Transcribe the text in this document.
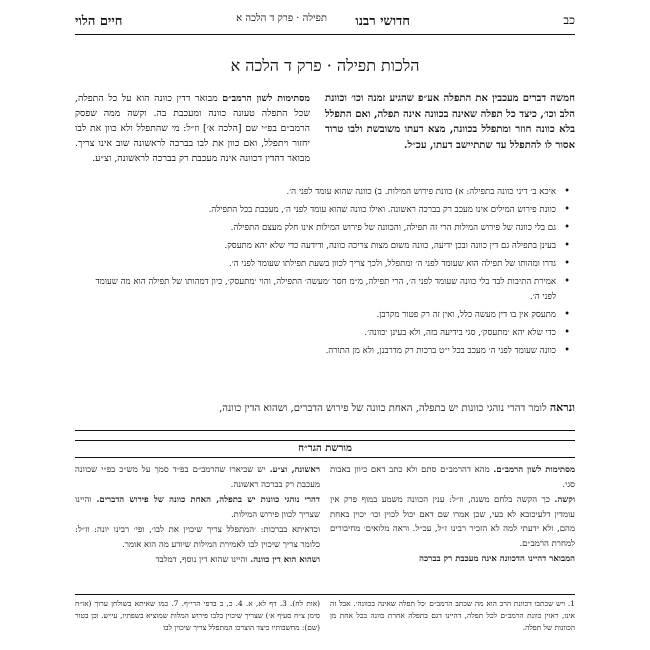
כב
חדושי רבנו
תפילה · פרק ד הלכה א
חיים הלוי
הלכות תפילה · פרק ד הלכה א
חמשה דברים מעכבין את התפלה אע״פ שהגיע זמנה וכו׳ וכוונת הלב וכו׳, כיצד כל תפלה שאינה בכוונה אינה תפלה, ואם התפלל בלא כוונה חוזר ומתפלל בכוונה, מצא דעתו משובשת ולבו טרוד אסור לו להתפלל עד שתתיישב דעתו, עכ״ל.
מסתימות לשון הרמב״ם מבואר דדין כוונה הוא על כל התפלה, שכל התפלה טעונה כוונה ומעכבת בה. וקשה ממה שפסק הרמב״ם בפ״י שם [הלכה א׳] וז״ל: מי שהתפלל ולא כוון את לבו יחזור ויתפלל, ואם כוון את לבו בברכה לראשונה שוב אינו צריך. מבואר דהדין דכוונה אינה מעכבת רק בברכה לראשונה, וצ״ע.
• איכא ב׳ דיני כוונה בתפילה: א) כוונת פירוש המילות. ב) כוונה שהוא עומד לפני ה׳.
• כוונת פירוש המילים אינו מעכב רק בברכה ראשונה. ואילו כוונה שהוא עומד לפני ה׳, מעכבת בכל התפילה.
• גם בלי כוונה של פירוש המילות הרי זה תפילה, והכוונה של פירוש המילות אינו חלק מעצם התפילה.
• בעינן בתפילה גם דין כוונה ובכן ידיעה, כוונה משום מצות צריכה כוונה, ודידעה כדי שלא יהא מתעסק.
• גדרו ומהותו של תפילה הוא שעומד לפני ה׳ ומתפלל, ולכך צריך לכוון בשעת תפילתו שעומד לפני ה׳.
• אמירת התיבות לבד בלי כוונה שעומד לפני ה׳, הרי תפילה, מ״מ חסר ׳מעשה׳ התפילה, והוי ׳מתעסק׳, כיון דמהותו של תפילה הוא מה שעומד לפני ה׳.
• מתעסק אין בו דין מעשה כלל, ואין זה רק פטור מקרבן.
• כדי שלא יהא ׳מתעסק׳, סגי בידיעה בזה, ולא בעינן ׳כוונה׳.
• כוונה שעומד לפני ה׳ מעכב בכל י״ט ברכות רק מדרבנן, ולא מן התורה.
ונראה לומר דהרי נוהגי כוונות יש בתפלה, האחת כוונה של פירוש הדברים, ושהוא הדין כוונה,
מורשת הגר״ח

מסתימות לשון הרמב״ם. מהא דהרמב״ם סתם ולא כתב דאם כיוון באבות סגי.

וקשה. כך הקשה בלחם משנה, וז״ל: ענין הכוונה משמע במוף פרק אין עומדין דלעיכובא לא בעי, שכן אמרו שם דאם יכול לכוין וכו׳ יכוין באחת מהם, ולא ידעתי למה לא הזכיר רבינו ז״ל, עכ״ל. וראה מלואים׳ מחיבורים למחרת הרמב״ם.

המבואר דהיינו הדכוונה אינה מעכבת רק בברכה

ראשונה, וצ״ע. יש שביארו שהרמב״ם בפ״ד סמך על מש״כ בפ״י שכוונה מעכבת רק בברכה ראשונה.

דהרי נוהגי כוונות יש בתפלה, האחת כוונה של פירוש הדברים. והיינו שצריך לכוון פירוש המילות.

וכדאיתא בברכות: ׳המתפלל צריך שיכוין את לבו׳, ופי׳ רבינו יונה: וז״ל: כלומר צריך שיכוין לבו לאמירת המילות שיודע מה הוא אומר.

ושהוא הוא דין כוונה. והיינו שהוא דין נוסף, דמלבד

1. ויש שכתבו דכוונת הרב הוא מה שכתב הרמב״ם ׳כל תפלה שאינה בכוונה׳. אבל זה אינו, ראוין כוונת הרמב״ם לכל תפלה, דהיינו דגם בתפלה אחרת כוונה בכל אחת מן הכוונות של תפלה.
(אות לח). 3. דף לא, א. 4. כ, ב בדפי הרי״ף. 7. כמו שאיתא בשולחן ערוך (או״ח סימן צ״ח סעיף א׳) שצריך שיכוין בלבו פירוש המלות שמוציא בשפתיו, עי״ש. וכן בטור (שם): מחשבותיו כיצד הוצרכו המתפלל צריך שיכוין לבו
